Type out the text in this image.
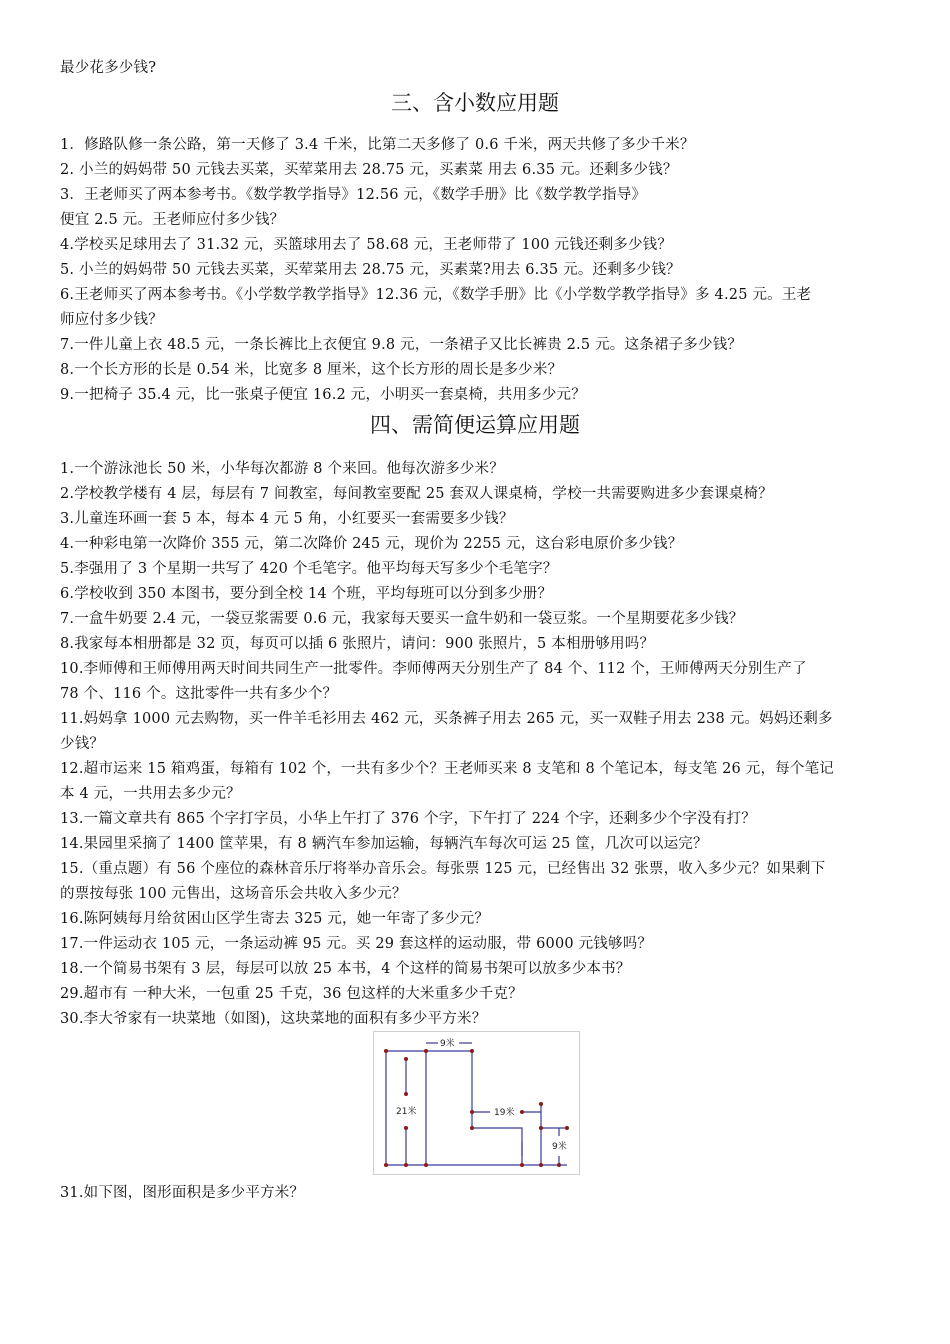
最少花多少钱?
三、含小数应用题
1．修路队修一条公路，第一天修了 3.4 千米，比第二天多修了 0.6 千米，两天共修了多少千米？
2. 小兰的妈妈带 50 元钱去买菜，买荤菜用去 28.75 元，买素菜 用去 6.35 元。还剩多少钱？
3．王老师买了两本参考书。《数学教学指导》12.56 元，《数学手册》比《数学教学指导》
便宜 2.5 元。王老师应付多少钱？
4.学校买足球用去了 31.32 元，买篮球用去了 58.68 元，王老师带了 100 元钱还剩多少钱？
5. 小兰的妈妈带 50 元钱去买菜，买荤菜用去 28.75 元，买素菜?用去 6.35 元。还剩多少钱？
6.王老师买了两本参考书。《小学数学教学指导》12.36 元，《数学手册》比《小学数学教学指导》多 4.25 元。王老
师应付多少钱？
7.一件儿童上衣 48.5 元，一条长裤比上衣便宜 9.8 元，一条裙子又比长裤贵 2.5 元。这条裙子多少钱？
8.一个长方形的长是 0.54 米，比宽多 8 厘米，这个长方形的周长是多少米？
9.一把椅子 35.4 元，比一张桌子便宜 16.2 元，小明买一套桌椅，共用多少元？
四、需简便运算应用题
1.一个游泳池长 50 米，小华每次都游 8 个来回。他每次游多少米？
2.学校教学楼有 4 层，每层有 7 间教室，每间教室要配 25 套双人课桌椅，学校一共需要购进多少套课桌椅？
3.儿童连环画一套 5 本，每本 4 元 5 角，小红要买一套需要多少钱？
4.一种彩电第一次降价 355 元，第二次降价 245 元，现价为 2255 元，这台彩电原价多少钱？
5.李强用了 3 个星期一共写了 420 个毛笔字。他平均每天写多少个毛笔字？
6.学校收到 350 本图书，要分到全校 14 个班，平均每班可以分到多少册？
7.一盒牛奶要 2.4 元，一袋豆浆需要 0.6 元，我家每天要买一盒牛奶和一袋豆浆。一个星期要花多少钱？
8.我家每本相册都是 32 页，每页可以插 6 张照片，请问：900 张照片，5 本相册够用吗？
10.李师傅和王师傅用两天时间共同生产一批零件。李师傅两天分别生产了 84 个、112 个，王师傅两天分别生产了
78 个、116 个。这批零件一共有多少个？
11.妈妈拿 1000 元去购物，买一件羊毛衫用去 462 元，买条裤子用去 265 元，买一双鞋子用去 238 元。妈妈还剩多
少钱？
12.超市运来 15 箱鸡蛋，每箱有 102 个，一共有多少个？王老师买来 8 支笔和 8 个笔记本，每支笔 26 元，每个笔记
本 4 元，一共用去多少元？
13.一篇文章共有 865 个字打字员，小华上午打了 376 个字，下午打了 224 个字，还剩多少个字没有打？
14.果园里采摘了 1400 筐苹果，有 8 辆汽车参加运输，每辆汽车每次可运 25 筐，几次可以运完？
15.（重点题）有 56 个座位的森林音乐厅将举办音乐会。每张票 125 元，已经售出 32 张票，收入多少元？如果剩下
的票按每张 100 元售出，这场音乐会共收入多少元？
16.陈阿姨每月给贫困山区学生寄去 325 元，她一年寄了多少元？
17.一件运动衣 105 元，一条运动裤 95 元。买 29 套这样的运动服，带 6000 元钱够吗？
18.一个简易书架有 3 层，每层可以放 25 本书，4 个这样的简易书架可以放多少本书？
29.超市有 一种大米，一包重 25 千克，36 包这样的大米重多少千克？
30.李大爷家有一块菜地（如图)，这块菜地的面积有多少平方米？
9米
21米	19米
9米
31.如下图，图形面积是多少平方米？
